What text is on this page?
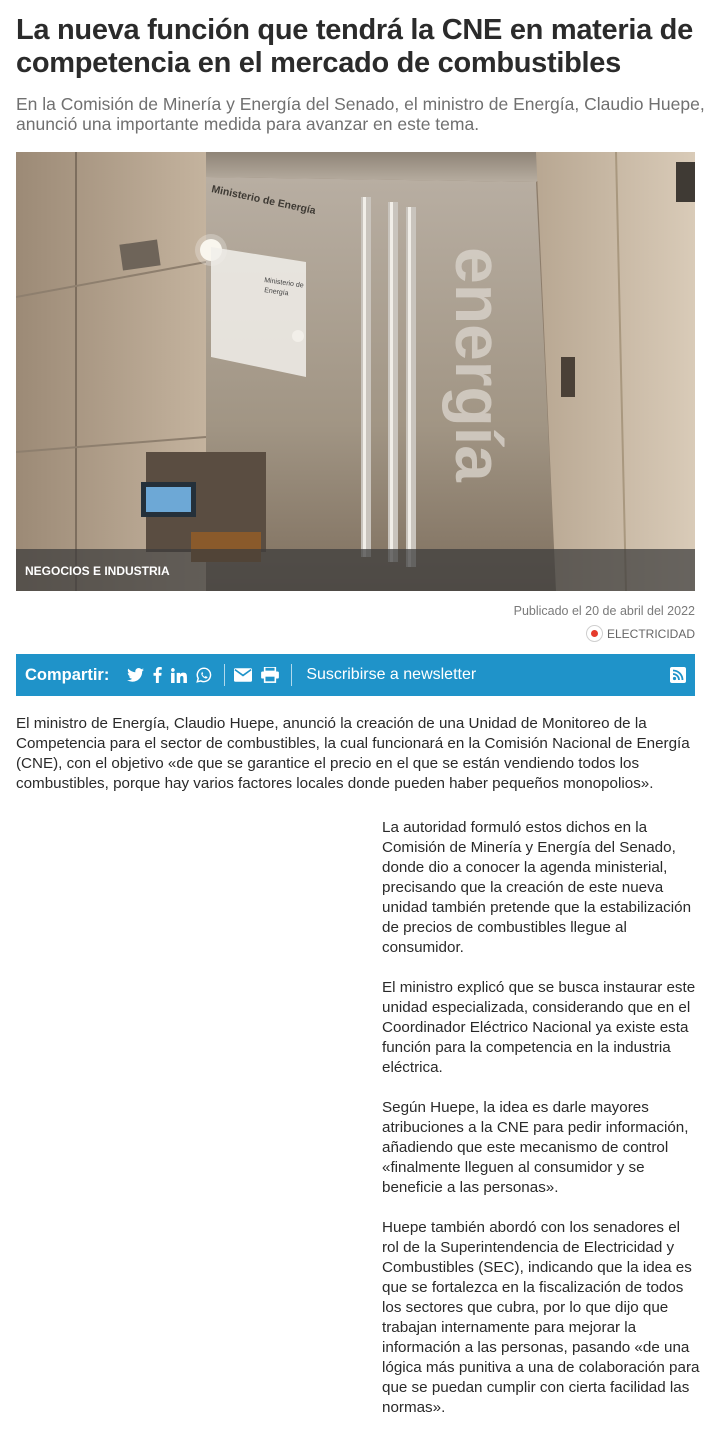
La nueva función que tendrá la CNE en materia de competencia en el mercado de combustibles
En la Comisión de Minería y Energía del Senado, el ministro de Energía, Claudio Huepe, anunció una importante medida para avanzar en este tema.
Ministerio de
Energía
Ministerio de Energía
energía
NEGOCIOS E INDUSTRIA
Publicado el 20 de abril del 2022
ELECTRICIDAD
Compartir:	Suscribirse a newsletter

El ministro de Energía, Claudio Huepe, anunció la creación de una Unidad de Monitoreo de la Competencia para el sector de combustibles, la cual funcionará en la Comisión Nacional de Energía (CNE), con el objetivo «de que se garantice el precio en el que se están vendiendo todos los combustibles, porque hay varios factores locales donde pueden haber pequeños monopolios».

La autoridad formuló estos dichos en la Comisión de Minería y Energía del Senado, donde dio a conocer la agenda ministerial, precisando que la creación de este nueva unidad también pretende que la estabilización de precios de combustibles llegue al consumidor.

El ministro explicó que se busca instaurar este unidad especializada, considerando que en el Coordinador Eléctrico Nacional ya existe esta función para la competencia en la industria eléctrica.

Según Huepe, la idea es darle mayores atribuciones a la CNE para pedir información, añadiendo que este mecanismo de control «finalmente lleguen al consumidor y se beneficie a las personas».

Huepe también abordó con los senadores el rol de la Superintendencia de Electricidad y Combustibles (SEC), indicando que la idea es que se fortalezca en la fiscalización de todos los sectores que cubra, por lo que dijo que trabajan internamente para mejorar la información a las personas, pasando «de una lógica más punitiva a una de colaboración para que se puedan cumplir con cierta facilidad las normas».
